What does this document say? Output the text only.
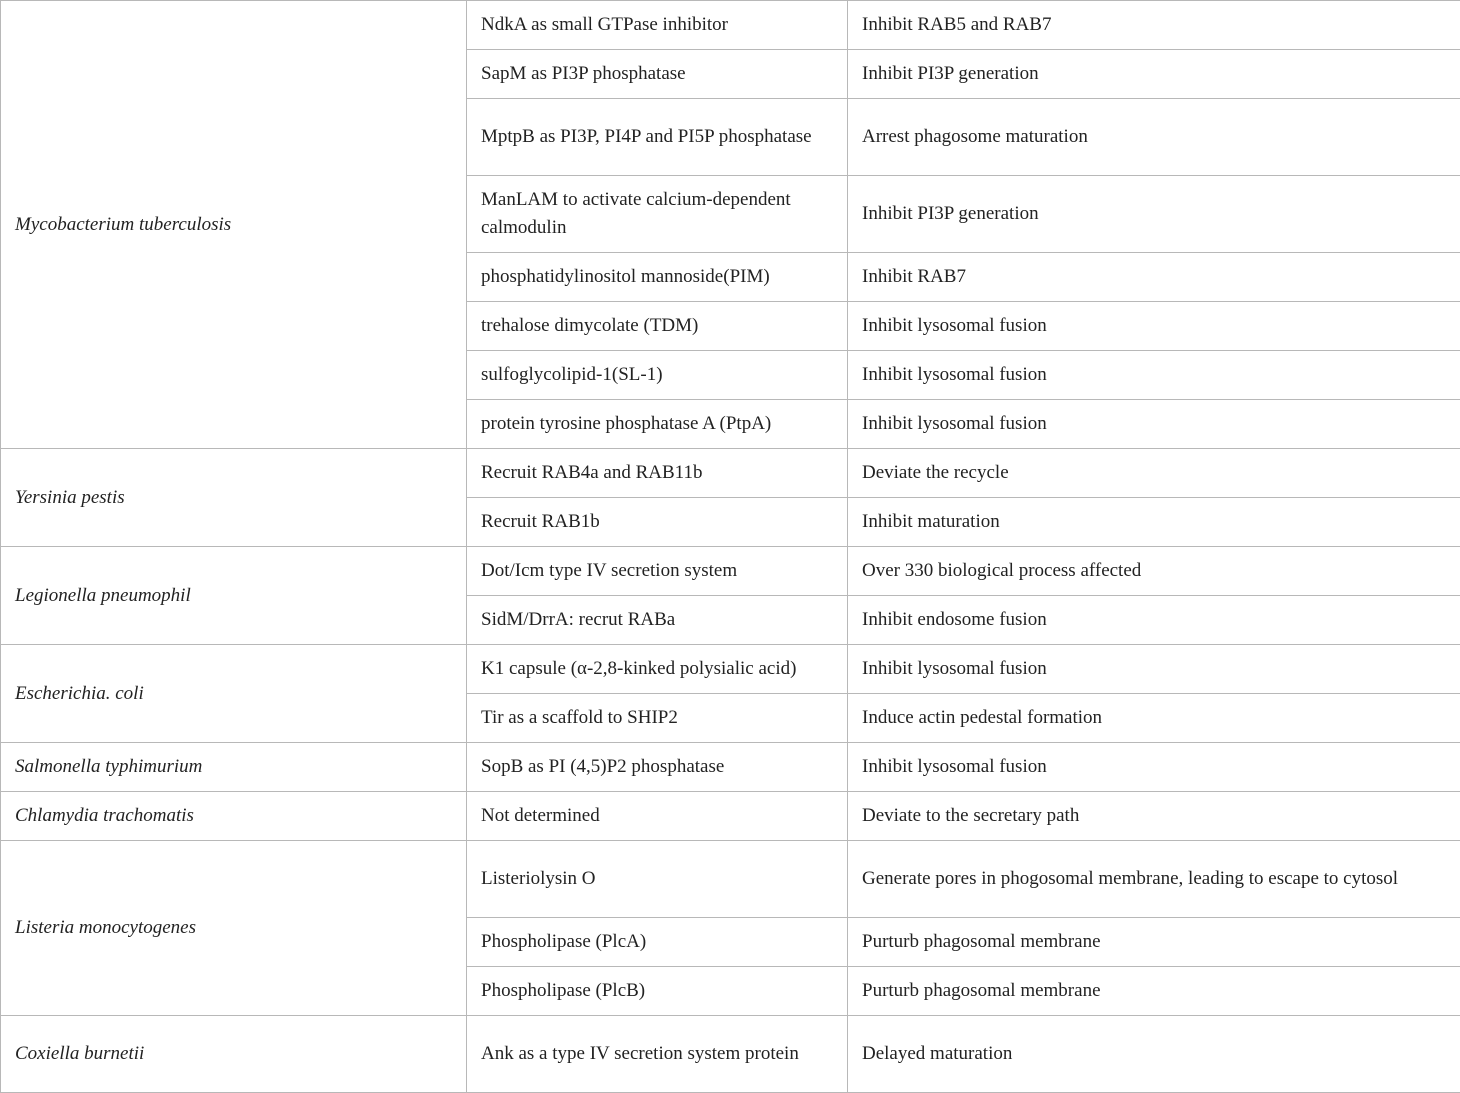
Mycobacterium tuberculosis	NdkA as small GTPase inhibitor	Inhibit RAB5 and RAB7
	SapM as PI3P phosphatase	Inhibit PI3P generation
	MptpB as PI3P, PI4P and PI5P phosphatase	Arrest phagosome maturation
	ManLAM to activate calcium-dependent calmodulin	Inhibit PI3P generation
	phosphatidylinositol mannoside(PIM)	Inhibit RAB7
	trehalose dimycolate (TDM)	Inhibit lysosomal fusion
	sulfoglycolipid-1(SL-1)	Inhibit lysosomal fusion
	protein tyrosine phosphatase A (PtpA)	Inhibit lysosomal fusion
Yersinia pestis	Recruit RAB4a and RAB11b	Deviate the recycle
	Recruit RAB1b	Inhibit maturation
Legionella pneumophil	Dot/Icm type IV secretion system	Over 330 biological process affected
	SidM/DrrA: recrut RABa	Inhibit endosome fusion
Escherichia. coli	K1 capsule (α-2,8-kinked polysialic acid)	Inhibit lysosomal fusion
	Tir as a scaffold to SHIP2	Induce actin pedestal formation
Salmonella typhimurium	SopB as PI (4,5)P2 phosphatase	Inhibit lysosomal fusion
Chlamydia trachomatis	Not determined	Deviate to the secretary path
Listeria monocytogenes	Listeriolysin O	Generate pores in phogosomal membrane, leading to escape to cytosol
	Phospholipase (PlcA)	Purturb phagosomal membrane
	Phospholipase (PlcB)	Purturb phagosomal membrane
Coxiella burnetii	Ank as a type IV secretion system protein	Delayed maturation
